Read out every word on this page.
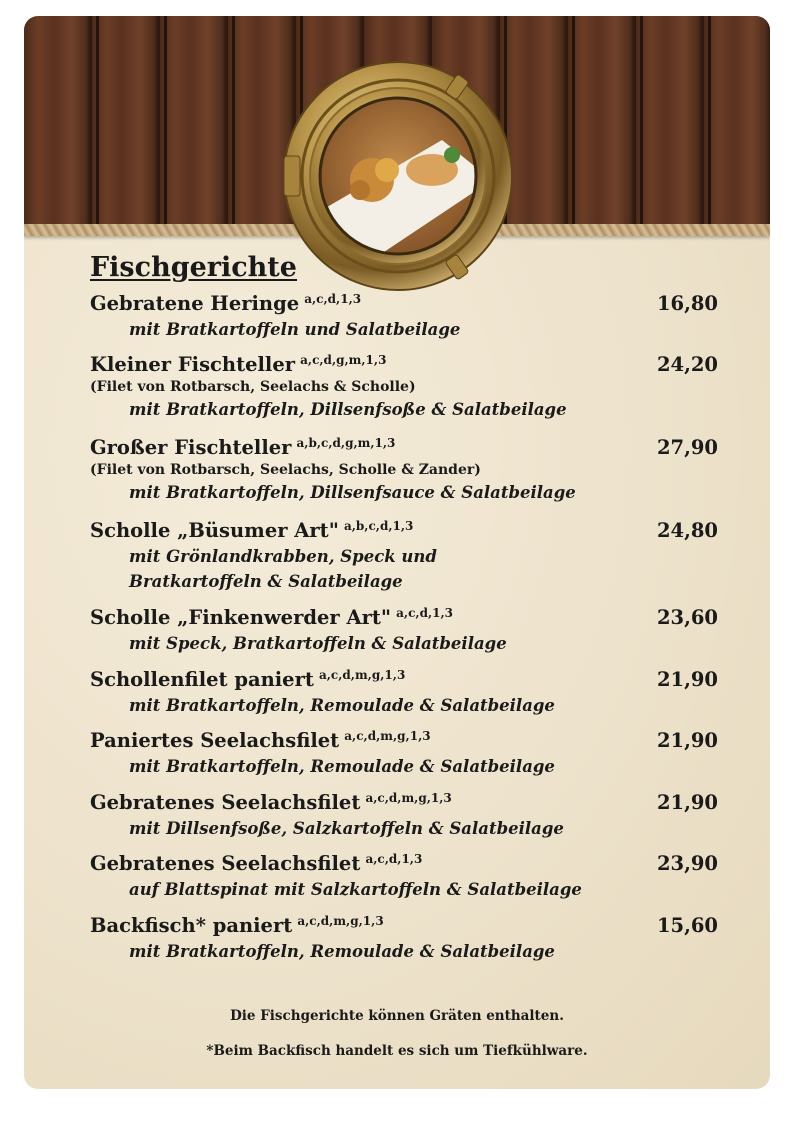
Fischgerichte
Gebratene Heringe $^{a,c,d,1,3}$	16,80
mit Bratkartoffeln und Salatbeilage
Kleiner Fischteller $^{a,c,d,g,m,1,3}$	24,20
(Filet von Rotbarsch, Seelachs & Scholle)
mit Bratkartoffeln, Dillsenfsoße & Salatbeilage
Großer Fischteller $^{a,b,c,d,g,m,1,3}$	27,90
(Filet von Rotbarsch, Seelachs, Scholle & Zander)
mit Bratkartoffeln, Dillsenfsauce & Salatbeilage
Scholle „Büsumer Art" $^{a,b,c,d,1,3}$	24,80
mit Grönlandkrabben, Speck und Bratkartoffeln & Salatbeilage
Scholle „Finkenwerder Art" $^{a,c,d,1,3}$	23,60
mit Speck, Bratkartoffeln & Salatbeilage
Schollenfilet paniert $^{a,c,d,m,g,1,3}$	21,90
mit Bratkartoffeln, Remoulade & Salatbeilage
Paniertes Seelachsfilet $^{a,c,d,m,g,1,3}$	21,90
mit Bratkartoffeln, Remoulade & Salatbeilage
Gebratenes Seelachsfilet $^{a,c,d,m,g,1,3}$	21,90
mit Dillsenfsoße, Salzkartoffeln & Salatbeilage
Gebratenes Seelachsfilet $^{a,c,d,1,3}$	23,90
auf Blattspinat mit Salzkartoffeln & Salatbeilage
Backfisch* paniert $^{a,c,d,m,g,1,3}$	15,60
mit Bratkartoffeln, Remoulade & Salatbeilage
Die Fischgerichte können Gräten enthalten.
*Beim Backfisch handelt es sich um Tiefkühlware.
